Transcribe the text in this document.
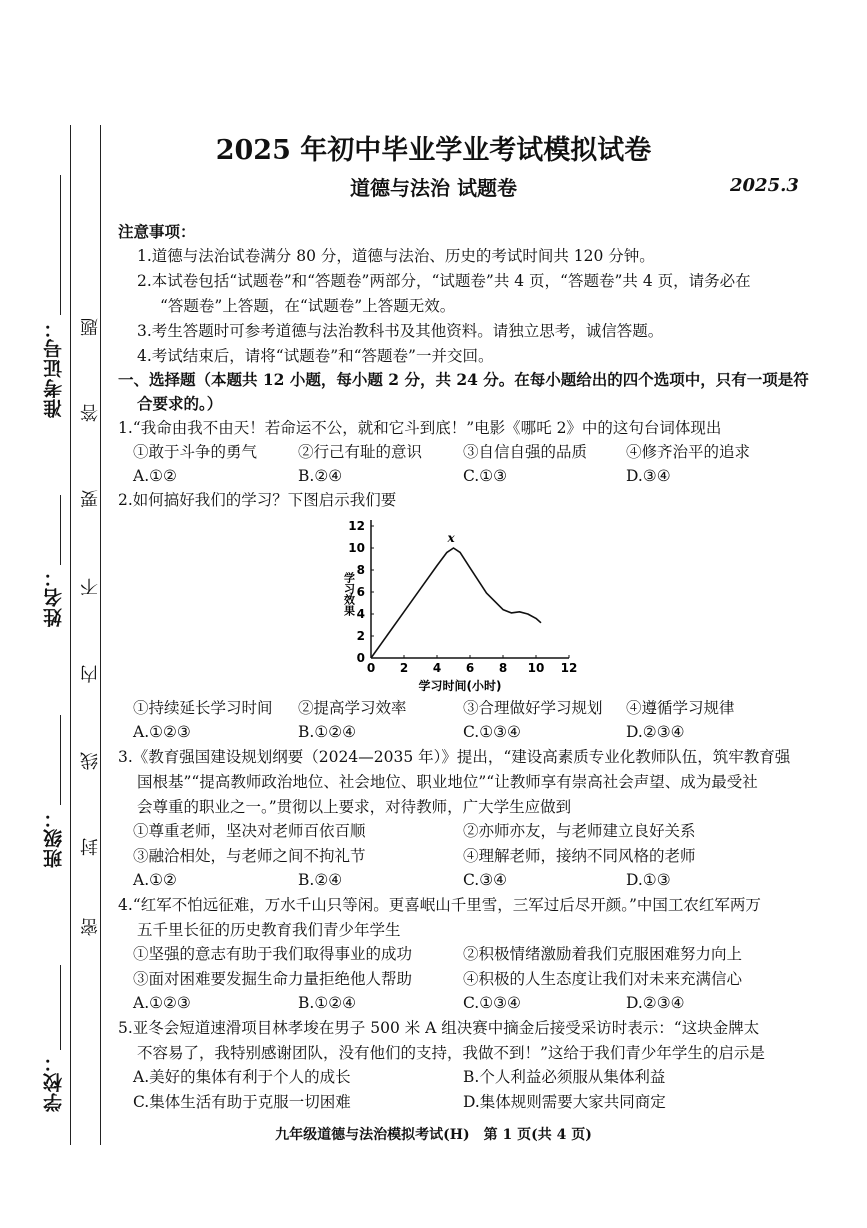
准考证号：
姓名：
班级：
学校：
题
答
要
不
内
线
封
密
2025 年初中毕业学业考试模拟试卷
道德与法治 试题卷	2025.3
注意事项：
1.道德与法治试卷满分 80 分，道德与法治、历史的考试时间共 120 分钟。
2.本试卷包括“试题卷”和“答题卷”两部分，“试题卷”共 4 页，“答题卷”共 4 页，请务必在
“答题卷”上答题，在“试题卷”上答题无效。
3.考生答题时可参考道德与法治教科书及其他资料。请独立思考，诚信答题。
4.考试结束后，请将“试题卷”和“答题卷”一并交回。
一、选择题（本题共 12 小题，每小题 2 分，共 24 分。在每小题给出的四个选项中，只有一项是符
合要求的。）
1.“我命由我不由天！若命运不公，就和它斗到底！”电影《哪吒 2》中的这句台词体现出
①敢于斗争的勇气	②行己有耻的意识	③自信自强的品质	④修齐治平的追求
A.①②	B.②④	C.①③	D.③④
2.如何搞好我们的学习？下图启示我们要
0 2 4 6 8 10 12
0
2
4
6
8
10
12
x
学习效果
学习时间(小时)
①持续延长学习时间 ②提高学习效率	③合理做好学习规划 ④遵循学习规律
A.①②③	B.①②④	C.①③④	D.②③④
3.《教育强国建设规划纲要（2024—2035 年）》提出，“建设高素质专业化教师队伍，筑牢教育强
国根基”“提高教师政治地位、社会地位、职业地位”“让教师享有崇高社会声望、成为最受社
会尊重的职业之一。”贯彻以上要求，对待教师，广大学生应做到
①尊重老师，坚决对老师百依百顺	②亦师亦友，与老师建立良好关系
③融洽相处，与老师之间不拘礼节	④理解老师，接纳不同风格的老师
A.①②	B.②④	C.③④	D.①③
4.“红军不怕远征难，万水千山只等闲。更喜岷山千里雪，三军过后尽开颜。”中国工农红军两万
五千里长征的历史教育我们青少年学生
①坚强的意志有助于我们取得事业的成功	②积极情绪激励着我们克服困难努力向上
③面对困难要发掘生命力量拒绝他人帮助	④积极的人生态度让我们对未来充满信心
A.①②③	B.①②④	C.①③④	D.②③④
5.亚冬会短道速滑项目林孝埈在男子 500 米 A 组决赛中摘金后接受采访时表示：“这块金牌太
不容易了，我特别感谢团队，没有他们的支持，我做不到！”这给于我们青少年学生的启示是
A.美好的集体有利于个人的成长	B.个人利益必须服从集体利益
C.集体生活有助于克服一切困难	D.集体规则需要大家共同商定
九年级道德与法治模拟考试(H)　第 1 页(共 4 页)
